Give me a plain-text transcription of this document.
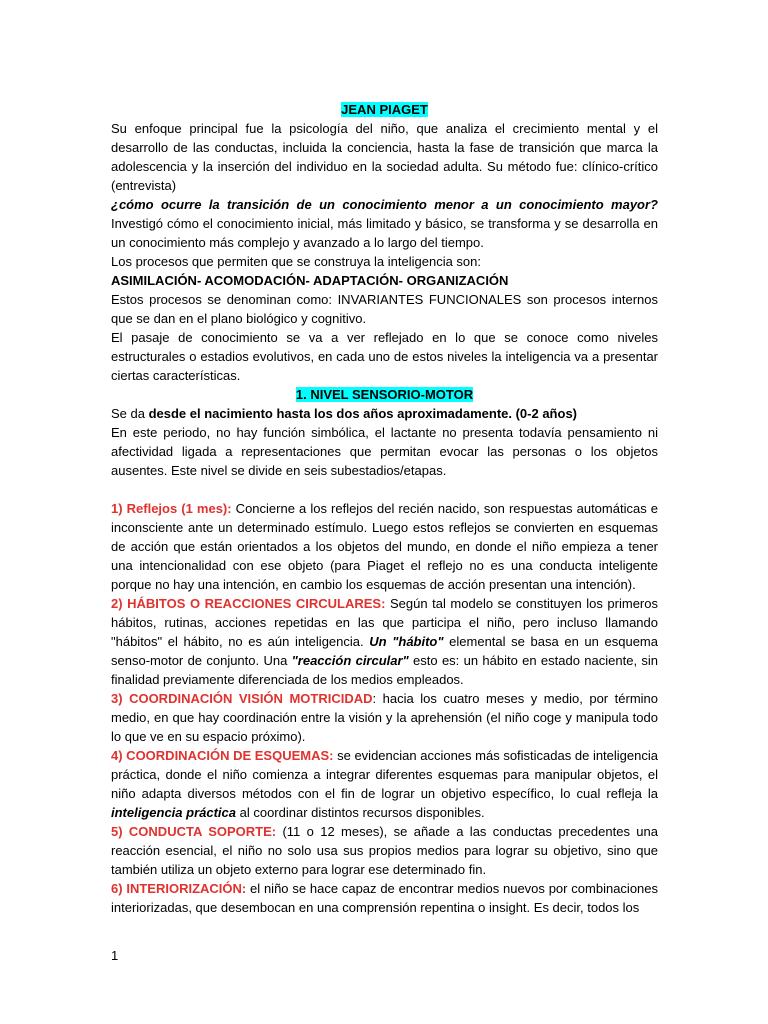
JEAN PIAGET

Su enfoque principal fue la psicología del niño, que analiza el crecimiento mental y el desarrollo de las conductas, incluida la conciencia, hasta la fase de transición que marca la adolescencia y la inserción del individuo en la sociedad adulta. Su método fue: clínico-crítico (entrevista)

¿cómo ocurre la transición de un conocimiento menor a un conocimiento mayor? Investigó cómo el conocimiento inicial, más limitado y básico, se transforma y se desarrolla en un conocimiento más complejo y avanzado a lo largo del tiempo.

Los procesos que permiten que se construya la inteligencia son:

ASIMILACIÓN- ACOMODACIÓN- ADAPTACIÓN- ORGANIZACIÓN

Estos procesos se denominan como: INVARIANTES FUNCIONALES son procesos internos que se dan en el plano biológico y cognitivo.

El pasaje de conocimiento se va a ver reflejado en lo que se conoce como niveles estructurales o estadios evolutivos, en cada uno de estos niveles la inteligencia va a presentar ciertas características.

1. NIVEL SENSORIO-MOTOR

Se da desde el nacimiento hasta los dos años aproximadamente. (0-2 años)

En este periodo, no hay función simbólica, el lactante no presenta todavía pensamiento ni afectividad ligada a representaciones que permitan evocar las personas o los objetos ausentes. Este nivel se divide en seis subestadios/etapas.

1) Reflejos (1 mes): Concierne a los reflejos del recién nacido, son respuestas automáticas e inconsciente ante un determinado estímulo. Luego estos reflejos se convierten en esquemas de acción que están orientados a los objetos del mundo, en donde el niño empieza a tener una intencionalidad con ese objeto (para Piaget el reflejo no es una conducta inteligente porque no hay una intención, en cambio los esquemas de acción presentan una intención).

2) HÁBITOS O REACCIONES CIRCULARES: Según tal modelo se constituyen los primeros hábitos, rutinas, acciones repetidas en las que participa el niño, pero incluso llamando "hábitos" el hábito, no es aún inteligencia. Un "hábito" elemental se basa en un esquema senso-motor de conjunto. Una "reacción circular" esto es: un hábito en estado naciente, sin finalidad previamente diferenciada de los medios empleados.

3) COORDINACIÓN VISIÓN MOTRICIDAD: hacia los cuatro meses y medio, por término medio, en que hay coordinación entre la visión y la aprehensión (el niño coge y manipula todo lo que ve en su espacio próximo).

4) COORDINACIÓN DE ESQUEMAS: se evidencian acciones más sofisticadas de inteligencia práctica, donde el niño comienza a integrar diferentes esquemas para manipular objetos, el niño adapta diversos métodos con el fin de lograr un objetivo específico, lo cual refleja la inteligencia práctica al coordinar distintos recursos disponibles.

5) CONDUCTA SOPORTE: (11 o 12 meses), se añade a las conductas precedentes una reacción esencial, el niño no solo usa sus propios medios para lograr su objetivo, sino que también utiliza un objeto externo para lograr ese determinado fin.

6) INTERIORIZACIÓN: el niño se hace capaz de encontrar medios nuevos por combinaciones interiorizadas, que desembocan en una comprensión repentina o insight. Es decir, todos los

1
